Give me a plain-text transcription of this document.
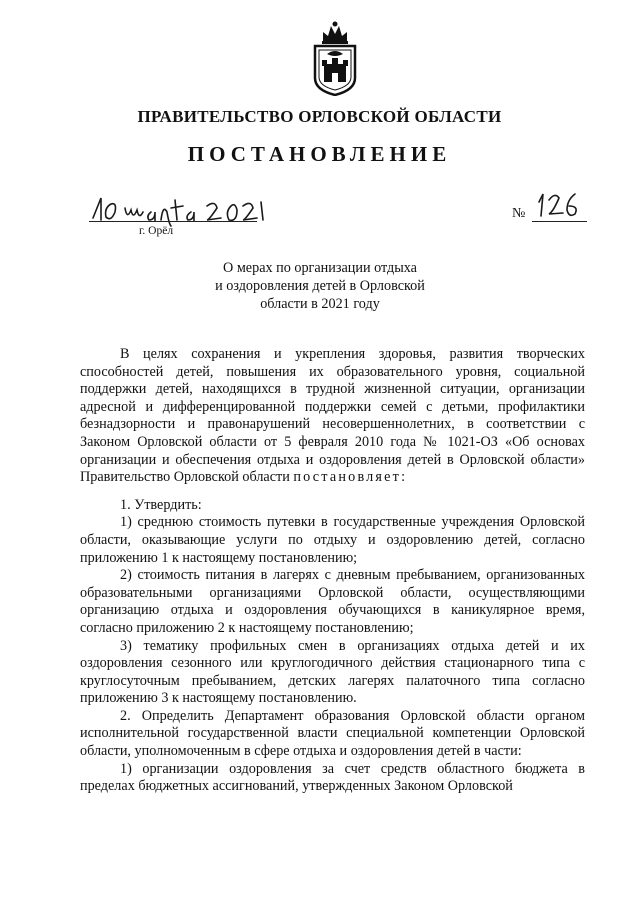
ПРАВИТЕЛЬСТВО ОРЛОВСКОЙ ОБЛАСТИ
ПОСТАНОВЛЕНИЕ
г. Орёл
№
О мерах по организации отдыха
и оздоровления детей в Орловской
области в 2021 году

В целях сохранения и укрепления здоровья, развития творческих способностей детей, повышения их образовательного уровня, социальной поддержки детей, находящихся в трудной жизненной ситуации, организации адресной и дифференцированной поддержки семей с детьми, профилактики безнадзорности и правонарушений несовершеннолетних, в соответствии с Законом Орловской области от 5 февраля 2010 года № 1021-ОЗ «Об основах организации и обеспечения отдыха и оздоровления детей в Орловской области» Правительство Орловской области постановляет:

1. Утвердить:

1) среднюю стоимость путевки в государственные учреждения Орловской области, оказывающие услуги по отдыху и оздоровлению детей, согласно приложению 1 к настоящему постановлению;

2) стоимость питания в лагерях с дневным пребыванием, организованных образовательными организациями Орловской области, осуществляющими организацию отдыха и оздоровления обучающихся в каникулярное время, согласно приложению 2 к настоящему постановлению;

3) тематику профильных смен в организациях отдыха детей и их оздоровления сезонного или круглогодичного действия стационарного типа с круглосуточным пребыванием, детских лагерях палаточного типа согласно приложению 3 к настоящему постановлению.

2. Определить Департамент образования Орловской области органом исполнительной государственной власти специальной компетенции Орловской области, уполномоченным в сфере отдыха и оздоровления детей в части:

1) организации оздоровления за счет средств областного бюджета в пределах бюджетных ассигнований, утвержденных Законом Орловской
